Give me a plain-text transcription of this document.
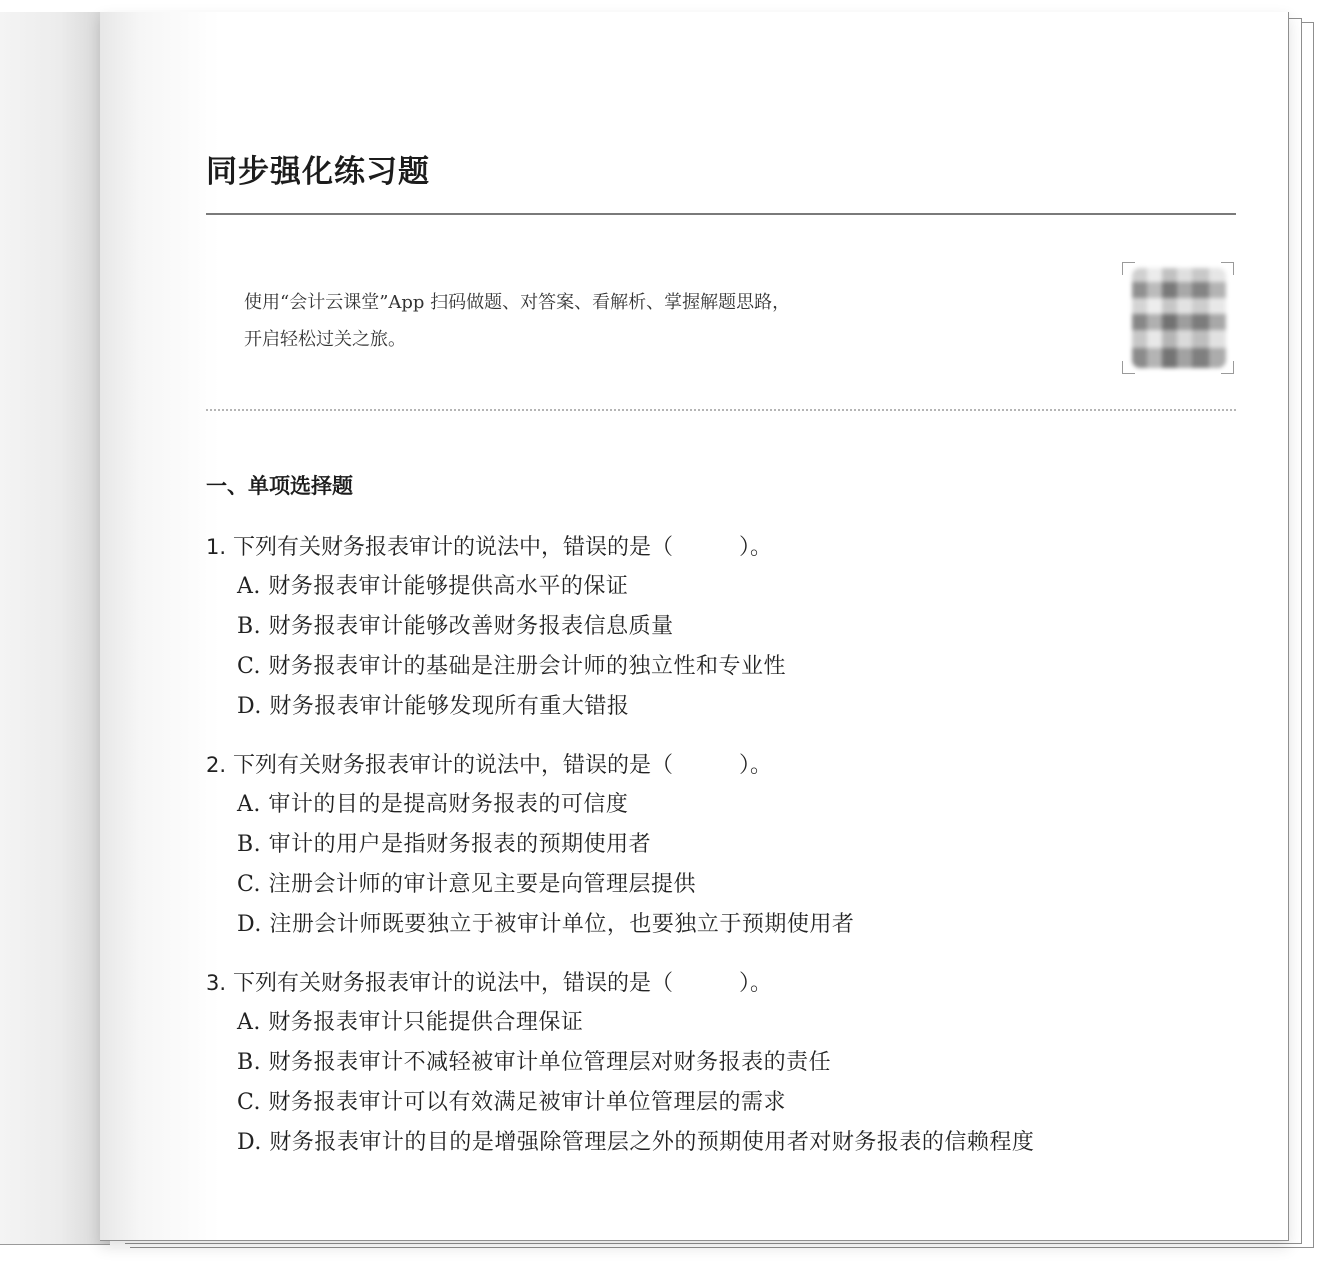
同步强化练习题
使用“会计云课堂”App 扫码做题、对答案、看解析、掌握解题思路，
开启轻松过关之旅。
一、单项选择题
1. 下列有关财务报表审计的说法中，错误的是（　　　）。
A. 财务报表审计能够提供高水平的保证
B. 财务报表审计能够改善财务报表信息质量
C. 财务报表审计的基础是注册会计师的独立性和专业性
D. 财务报表审计能够发现所有重大错报
2. 下列有关财务报表审计的说法中，错误的是（　　　）。
A. 审计的目的是提高财务报表的可信度
B. 审计的用户是指财务报表的预期使用者
C. 注册会计师的审计意见主要是向管理层提供
D. 注册会计师既要独立于被审计单位，也要独立于预期使用者
3. 下列有关财务报表审计的说法中，错误的是（　　　）。
A. 财务报表审计只能提供合理保证
B. 财务报表审计不减轻被审计单位管理层对财务报表的责任
C. 财务报表审计可以有效满足被审计单位管理层的需求
D. 财务报表审计的目的是增强除管理层之外的预期使用者对财务报表的信赖程度
